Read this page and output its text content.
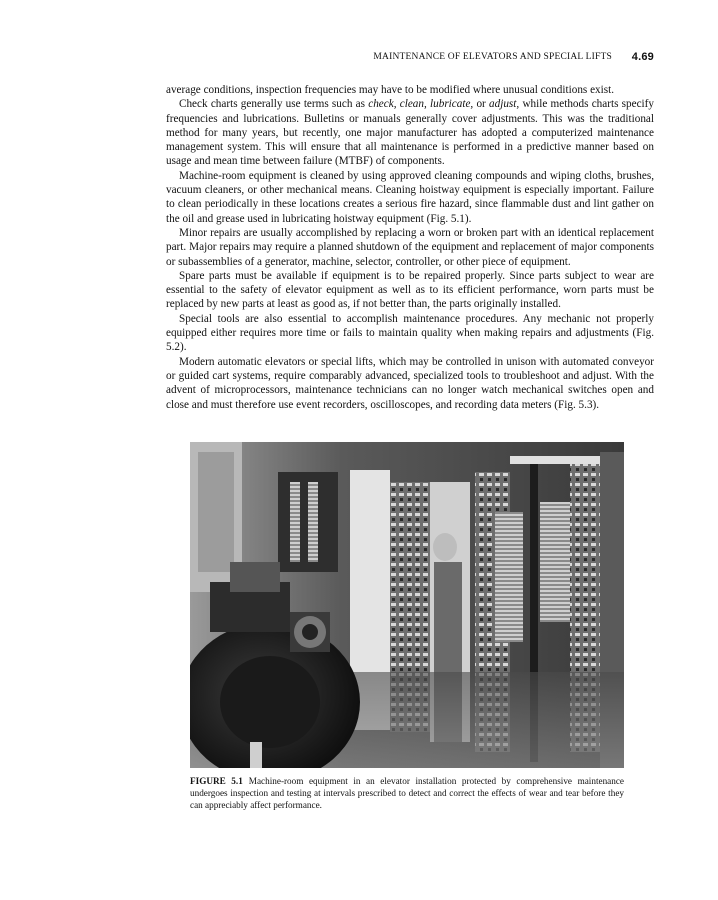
MAINTENANCE OF ELEVATORS AND SPECIAL LIFTS 4.69

average conditions, inspection frequencies may have to be modified where unusual conditions exist.

Check charts generally use terms such as check, clean, lubricate, or adjust, while methods charts specify frequencies and lubrications. Bulletins or manuals generally cover adjustments. This was the traditional method for many years, but recently, one major manufacturer has adopted a computerized maintenance management system. This will ensure that all maintenance is performed in a predictive manner based on usage and mean time between failure (MTBF) of components.

Machine-room equipment is cleaned by using approved cleaning compounds and wiping cloths, brushes, vacuum cleaners, or other mechanical means. Cleaning hoistway equipment is especially important. Failure to clean periodically in these locations creates a serious fire hazard, since flammable dust and lint gather on the oil and grease used in lubricating hoistway equipment (Fig. 5.1).

Minor repairs are usually accomplished by replacing a worn or broken part with an identical replacement part. Major repairs may require a planned shutdown of the equipment and replacement of major components or subassemblies of a generator, machine, selector, controller, or other piece of equipment.

Spare parts must be available if equipment is to be repaired properly. Since parts subject to wear are essential to the safety of elevator equipment as well as to its efficient performance, worn parts must be replaced by new parts at least as good as, if not better than, the parts originally installed.

Special tools are also essential to accomplish maintenance procedures. Any mechanic not properly equipped either requires more time or fails to maintain quality when making repairs and adjustments (Fig. 5.2).

Modern automatic elevators or special lifts, which may be controlled in unison with automated conveyor or guided cart systems, require comparably advanced, specialized tools to troubleshoot and adjust. With the advent of microprocessors, maintenance technicians can no longer watch mechanical switches open and close and must therefore use event recorders, oscilloscopes, and recording data meters (Fig. 5.3).

FIGURE 5.1 Machine-room equipment in an elevator installation protected by comprehensive maintenance undergoes inspection and testing at intervals prescribed to detect and correct the effects of wear and tear before they can appreciably affect performance.
